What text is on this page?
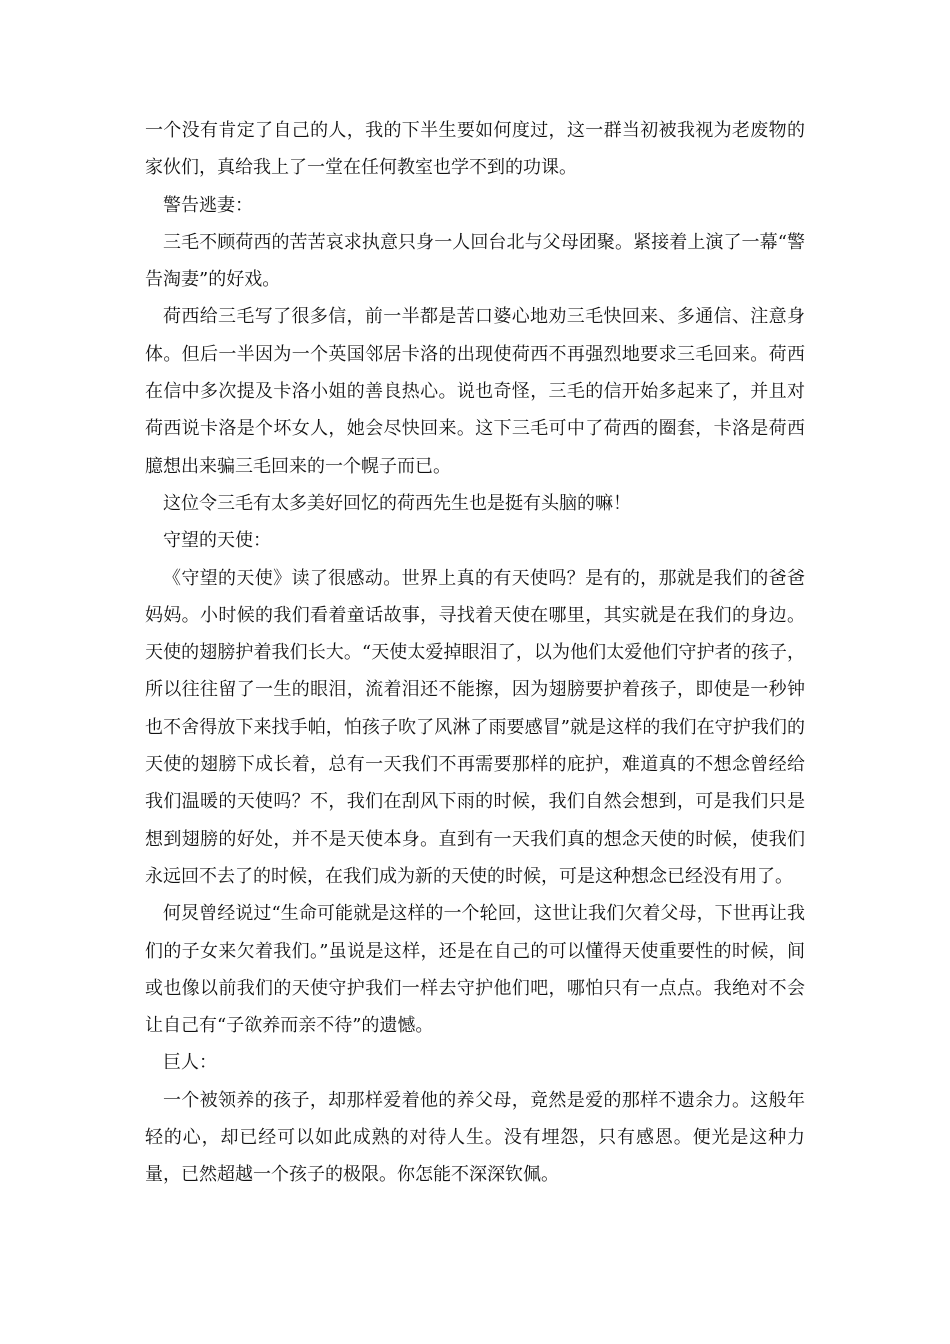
一个没有肯定了自己的人，我的下半生要如何度过，这一群当初被我视为老废物的家伙们，真给我上了一堂在任何教室也学不到的功课。

警告逃妻：

三毛不顾荷西的苦苦哀求执意只身一人回台北与父母团聚。紧接着上演了一幕“警告淘妻”的好戏。

荷西给三毛写了很多信，前一半都是苦口婆心地劝三毛快回来、多通信、注意身体。但后一半因为一个英国邻居卡洛的出现使荷西不再强烈地要求三毛回来。荷西在信中多次提及卡洛小姐的善良热心。说也奇怪，三毛的信开始多起来了，并且对荷西说卡洛是个坏女人，她会尽快回来。这下三毛可中了荷西的圈套，卡洛是荷西臆想出来骗三毛回来的一个幌子而已。

这位令三毛有太多美好回忆的荷西先生也是挺有头脑的嘛！

守望的天使：

《守望的天使》读了很感动。世界上真的有天使吗？是有的，那就是我们的爸爸妈妈。小时候的我们看着童话故事，寻找着天使在哪里，其实就是在我们的身边。天使的翅膀护着我们长大。“天使太爱掉眼泪了，以为他们太爱他们守护者的孩子，所以往往留了一生的眼泪，流着泪还不能擦，因为翅膀要护着孩子，即使是一秒钟也不舍得放下来找手帕，怕孩子吹了风淋了雨要感冒”就是这样的我们在守护我们的天使的翅膀下成长着，总有一天我们不再需要那样的庇护，难道真的不想念曾经给我们温暖的天使吗？不，我们在刮风下雨的时候，我们自然会想到，可是我们只是想到翅膀的好处，并不是天使本身。直到有一天我们真的想念天使的时候，使我们永远回不去了的时候，在我们成为新的天使的时候，可是这种想念已经没有用了。

何炅曾经说过“生命可能就是这样的一个轮回，这世让我们欠着父母，下世再让我们的子女来欠着我们。”虽说是这样，还是在自己的可以懂得天使重要性的时候，间或也像以前我们的天使守护我们一样去守护他们吧，哪怕只有一点点。我绝对不会让自己有“子欲养而亲不待”的遗憾。

巨人：

一个被领养的孩子，却那样爱着他的养父母，竟然是爱的那样不遗余力。这般年轻的心，却已经可以如此成熟的对待人生。没有埋怨，只有感恩。便光是这种力量，已然超越一个孩子的极限。你怎能不深深钦佩。
